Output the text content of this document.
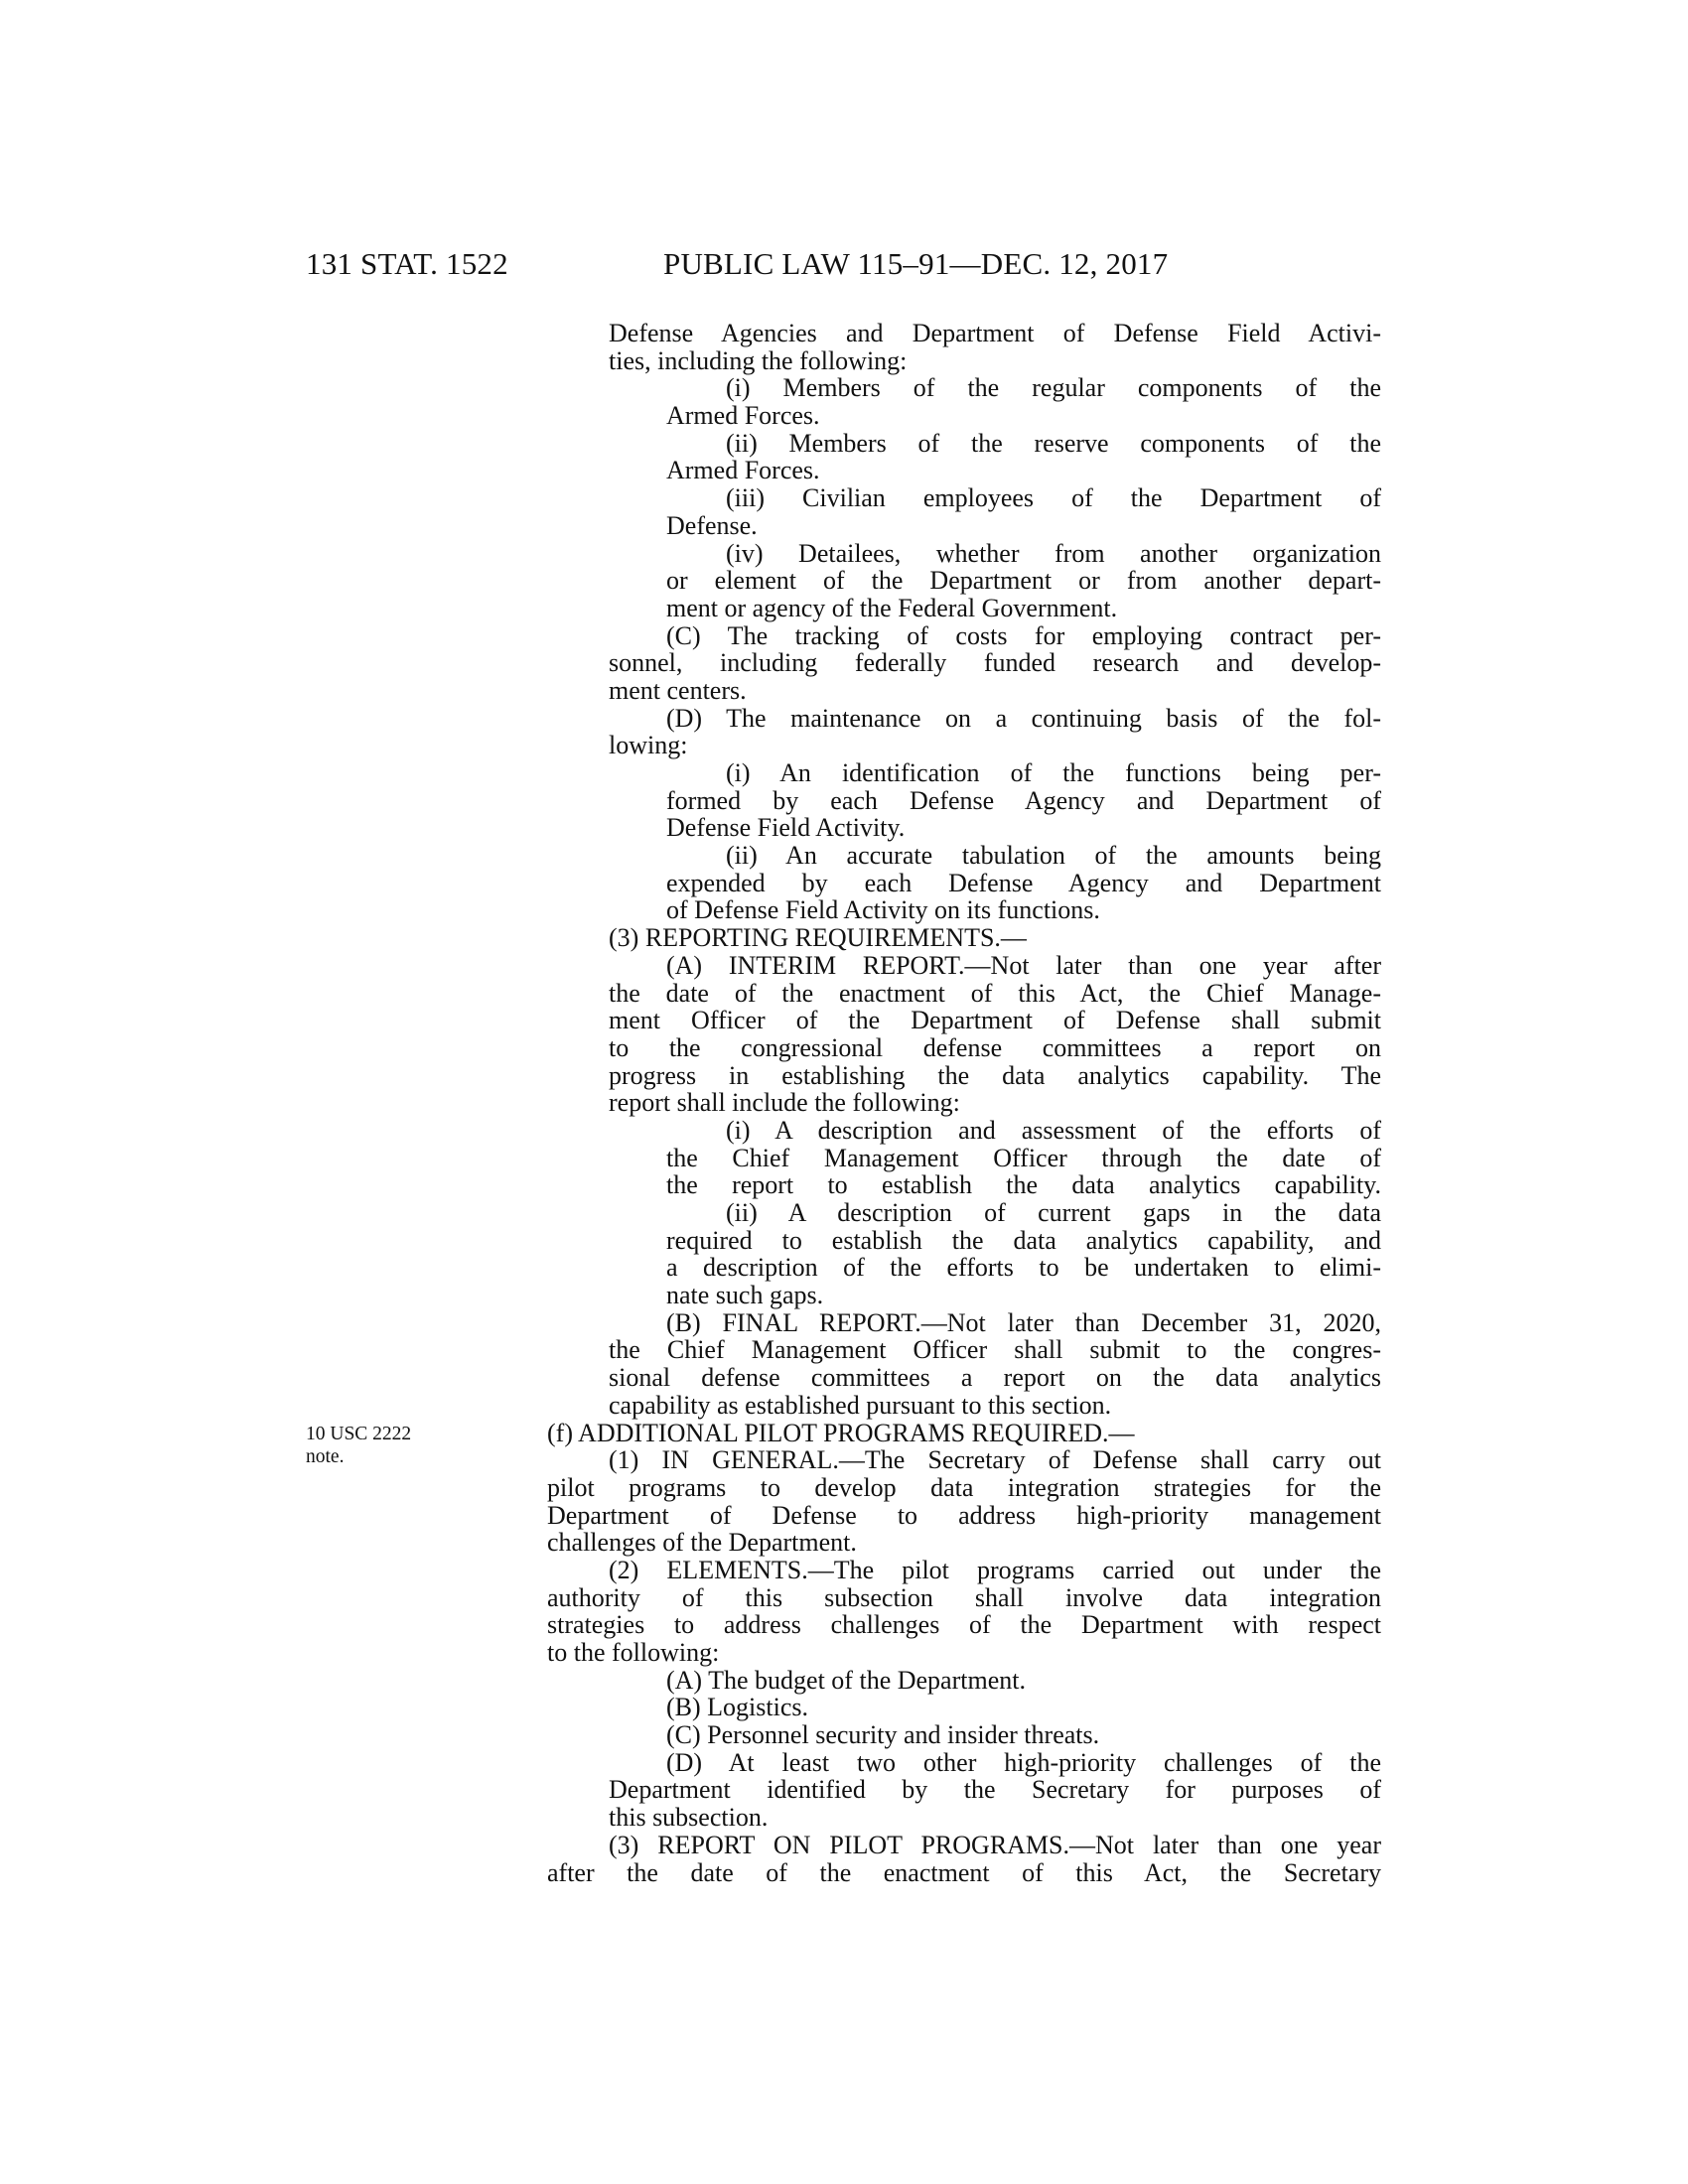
131 STAT. 1522	PUBLIC LAW 115–91—DEC. 12, 2017
10 USC 2222
note.
Defense Agencies and Department of Defense Field Activi-
ties, including the following:
(i) Members of the regular components of the
Armed Forces.
(ii) Members of the reserve components of the
Armed Forces.
(iii) Civilian employees of the Department of
Defense.
(iv) Detailees, whether from another organization
or element of the Department or from another depart-
ment or agency of the Federal Government.
(C) The tracking of costs for employing contract per-
sonnel, including federally funded research and develop-
ment centers.
(D) The maintenance on a continuing basis of the fol-
lowing:
(i) An identification of the functions being per-
formed by each Defense Agency and Department of
Defense Field Activity.
(ii) An accurate tabulation of the amounts being
expended by each Defense Agency and Department
of Defense Field Activity on its functions.
(3) REPORTING REQUIREMENTS.—
(A) INTERIM REPORT.—Not later than one year after
the date of the enactment of this Act, the Chief Manage-
ment Officer of the Department of Defense shall submit
to the congressional defense committees a report on
progress in establishing the data analytics capability. The
report shall include the following:
(i) A description and assessment of the efforts of
the Chief Management Officer through the date of
the report to establish the data analytics capability.
(ii) A description of current gaps in the data
required to establish the data analytics capability, and
a description of the efforts to be undertaken to elimi-
nate such gaps.
(B) FINAL REPORT.—Not later than December 31, 2020,
the Chief Management Officer shall submit to the congres-
sional defense committees a report on the data analytics
capability as established pursuant to this section.
(f) ADDITIONAL PILOT PROGRAMS REQUIRED.—
(1) IN GENERAL.—The Secretary of Defense shall carry out
pilot programs to develop data integration strategies for the
Department of Defense to address high-priority management
challenges of the Department.
(2) ELEMENTS.—The pilot programs carried out under the
authority of this subsection shall involve data integration
strategies to address challenges of the Department with respect
to the following:
(A) The budget of the Department.
(B) Logistics.
(C) Personnel security and insider threats.
(D) At least two other high-priority challenges of the
Department identified by the Secretary for purposes of
this subsection.
(3) REPORT ON PILOT PROGRAMS.—Not later than one year
after the date of the enactment of this Act, the Secretary
